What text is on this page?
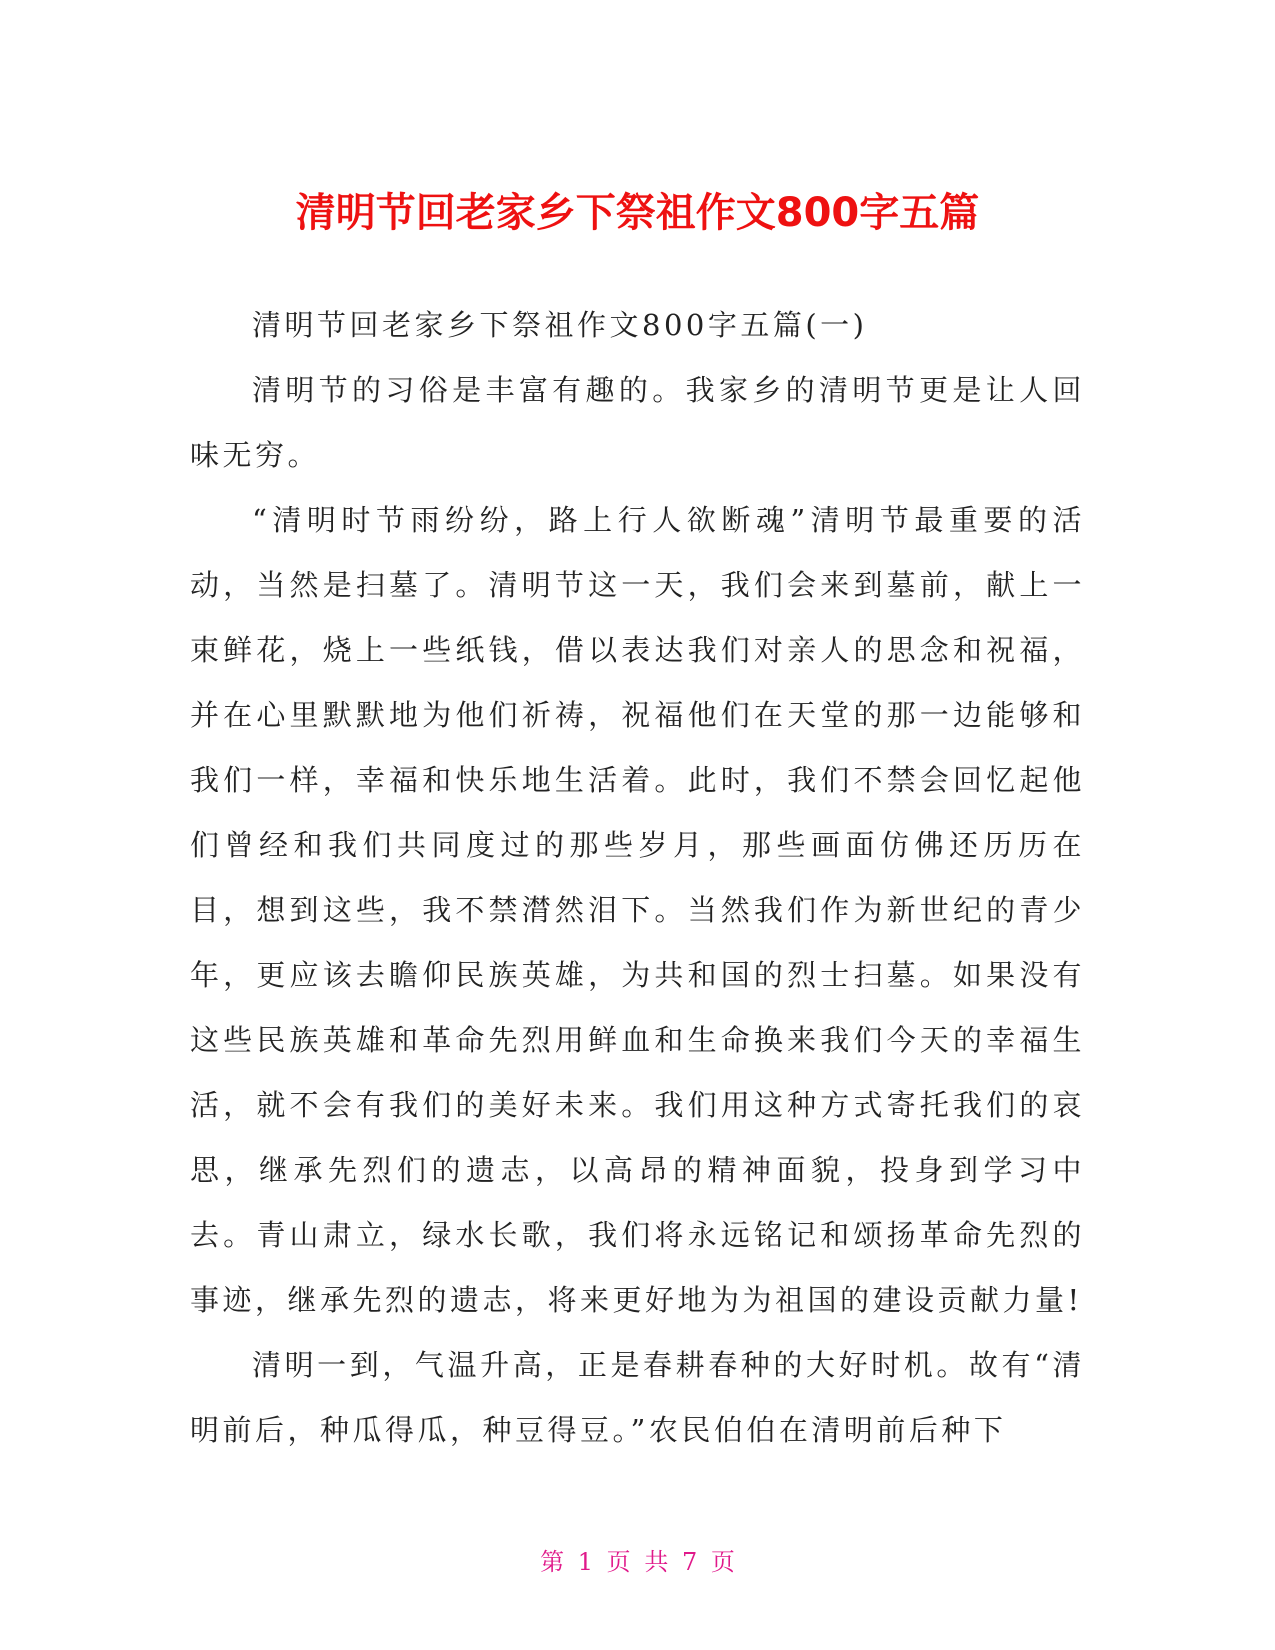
清明节回老家乡下祭祖作文800字五篇

清明节回老家乡下祭祖作文800字五篇(一)

清明节的习俗是丰富有趣的。我家乡的清明节更是让人回味无穷。

“清明时节雨纷纷，路上行人欲断魂”清明节最重要的活动，当然是扫墓了。清明节这一天，我们会来到墓前，献上一束鲜花，烧上一些纸钱，借以表达我们对亲人的思念和祝福，并在心里默默地为他们祈祷，祝福他们在天堂的那一边能够和我们一样，幸福和快乐地生活着。此时，我们不禁会回忆起他们曾经和我们共同度过的那些岁月，那些画面仿佛还历历在目，想到这些，我不禁潸然泪下。当然我们作为新世纪的青少年，更应该去瞻仰民族英雄，为共和国的烈士扫墓。如果没有这些民族英雄和革命先烈用鲜血和生命换来我们今天的幸福生活，就不会有我们的美好未来。我们用这种方式寄托我们的哀思，继承先烈们的遗志，以高昂的精神面貌，投身到学习中去。青山肃立，绿水长歌，我们将永远铭记和颂扬革命先烈的事迹，继承先烈的遗志，将来更好地为为祖国的建设贡献力量!

清明一到，气温升高，正是春耕春种的大好时机。故有“清明前后，种瓜得瓜，种豆得豆。”农民伯伯在清明前后种下

第 1 页 共 7 页
